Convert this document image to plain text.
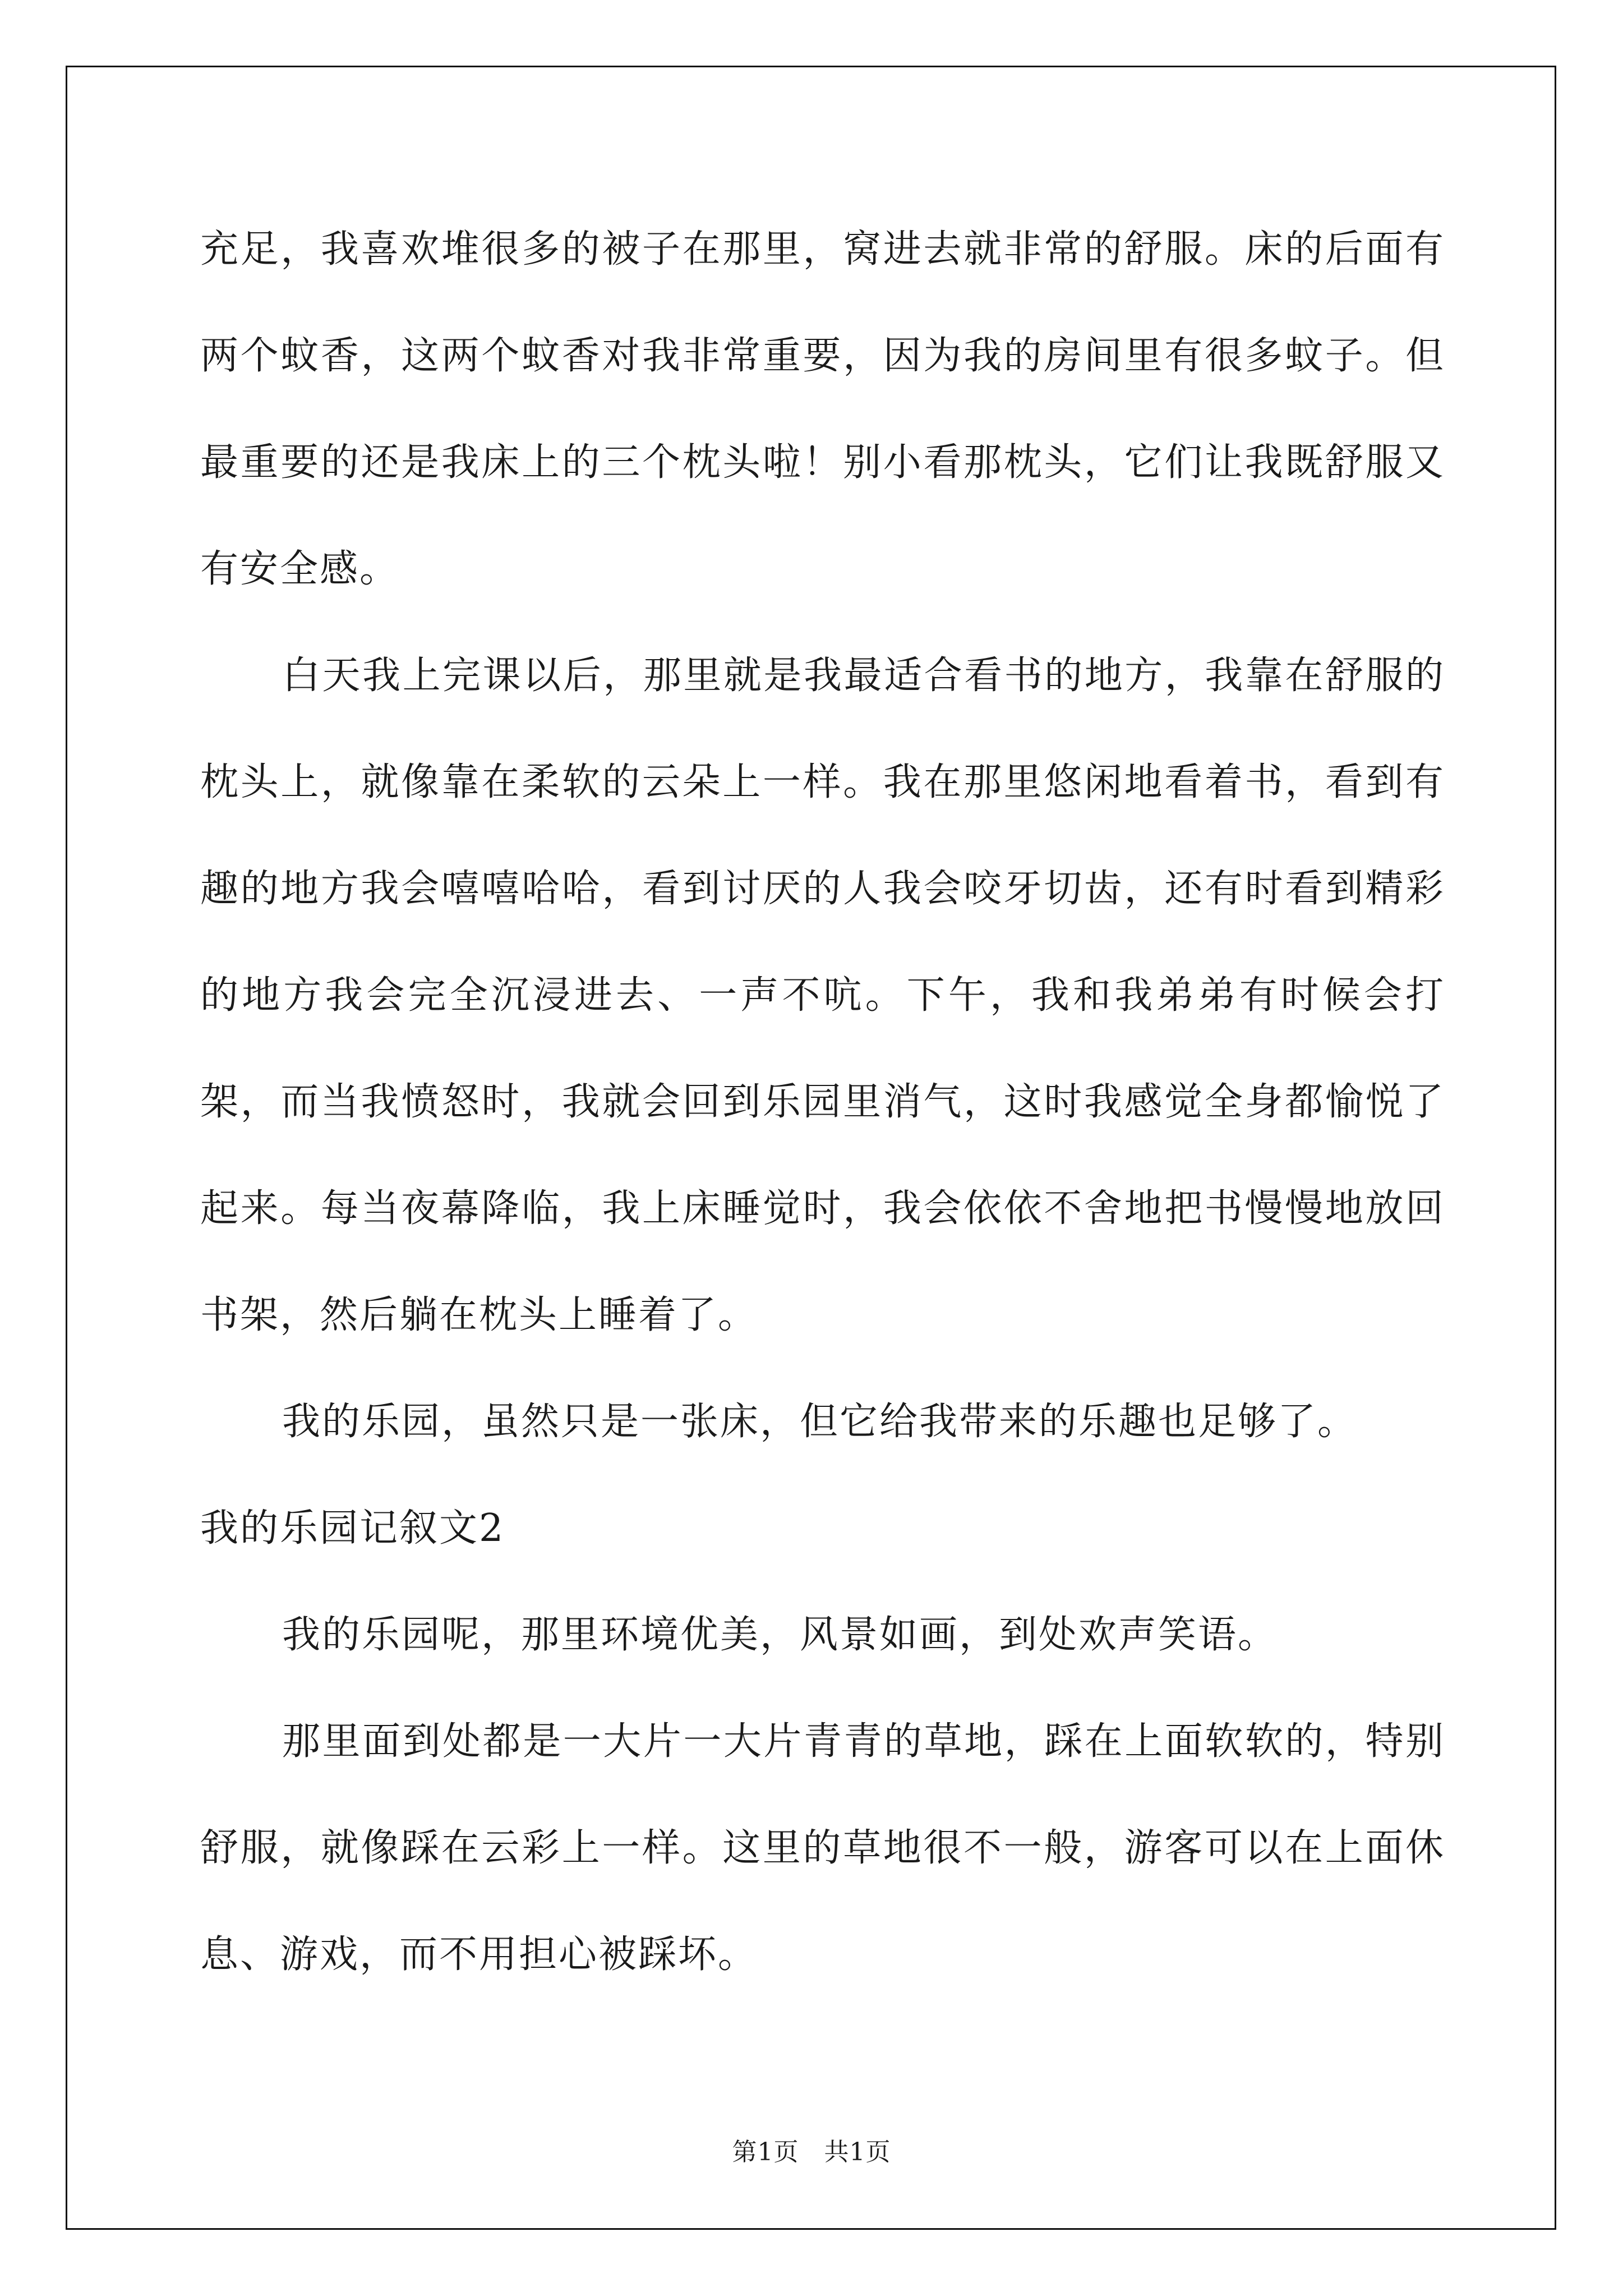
充足，我喜欢堆很多的被子在那里，窝进去就非常的舒服。床的后面有两个蚊香，这两个蚊香对我非常重要，因为我的房间里有很多蚊子。但最重要的还是我床上的三个枕头啦！别小看那枕头，它们让我既舒服又有安全感。

白天我上完课以后，那里就是我最适合看书的地方，我靠在舒服的枕头上，就像靠在柔软的云朵上一样。我在那里悠闲地看着书，看到有趣的地方我会嘻嘻哈哈，看到讨厌的人我会咬牙切齿，还有时看到精彩的地方我会完全沉浸进去、一声不吭。下午，我和我弟弟有时候会打架，而当我愤怒时，我就会回到乐园里消气，这时我感觉全身都愉悦了起来。每当夜幕降临，我上床睡觉时，我会依依不舍地把书慢慢地放回书架，然后躺在枕头上睡着了。

我的乐园，虽然只是一张床，但它给我带来的乐趣也足够了。

我的乐园记叙文2

我的乐园呢，那里环境优美，风景如画，到处欢声笑语。

那里面到处都是一大片一大片青青的草地，踩在上面软软的，特别舒服，就像踩在云彩上一样。这里的草地很不一般，游客可以在上面休息、游戏，而不用担心被踩坏。

第1页   共1页
